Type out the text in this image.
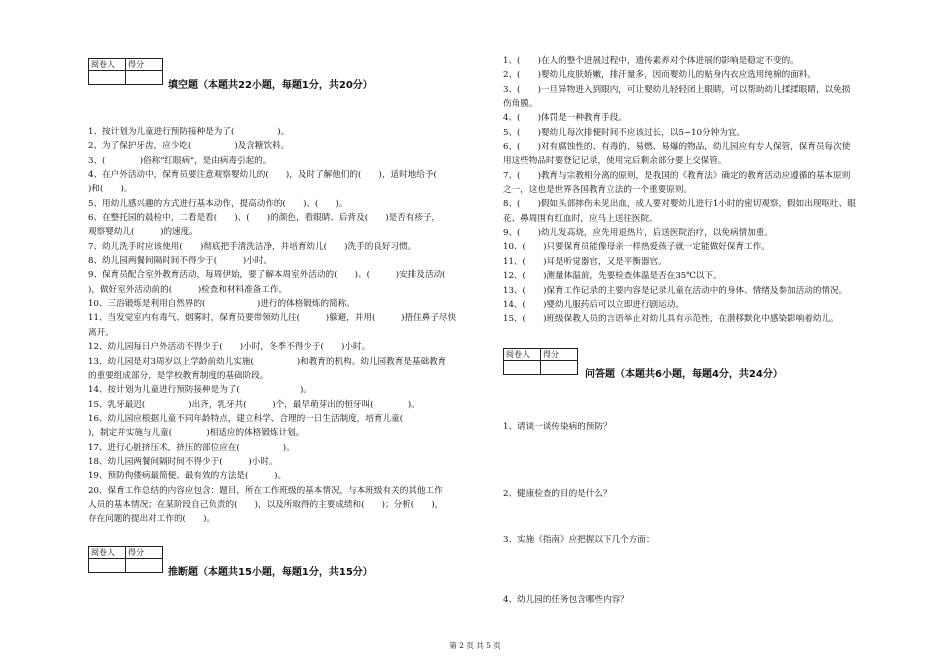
阅卷人	得分

填空题（本题共22小题，每题1分，共20分）
1、按计划为儿童进行预防接种是为了(　　　　　)。
2、为了保护牙齿，应少吃(　　　　　)及含糖饮料。
3、(　　　　)俗称"红眼病"，是由病毒引起的。
4、在户外活动中，保育员要注意观察婴幼儿的(　　)，及时了解他们的(　　)，适时地给予(
)和(　　)。
5、用幼儿感兴趣的方式进行基本动作，提高动作的(　　)、(　　)。
6、在整托园的晨检中，二看是看(　　)、(　　)的颜色，看眼睛、后背及(　　)是否有疹子，
观察婴幼儿(　　　)的速度。
7、幼儿洗手时应该使用(　　)彻底把手清洗洁净，并培育幼儿(　　)洗手的良好习惯。
8、幼儿园两餐间隔时间不得少于(　　　)小时。
9、保育员配合室外教育活动，每周伊始，要了解本周室外活动的(　　)、(　　　)安排及活动(
)，做好室外活动前的(　　　)检查和材料准备工作。
10、三浴锻炼是利用自然界的(　　　　　　)进行的体格锻炼的简称。
11、当发觉室内有毒气、烟雾时，保育员要带领幼儿往(　　　)躲避，并用(　　　)捂住鼻子尽快
离开。
12、幼儿园每日户外活动不得少于(　　)小时，冬季不得少于(　　)小时。
13、幼儿园是对3周岁以上学龄前幼儿实施(　　　　　)和教育的机构。幼儿园教育是基础教育
的重要组成部分，是学校教育制度的基础阶段。
14、按计划为儿童进行预防接种是为了(　　　　　　　)。
15、乳牙最迟(　　　　　)出齐，乳牙共(　　　)个，最早萌芽出的恒牙叫(　　　　)。
16、幼儿园应根据儿童不同年龄特点，建立科学、合理的一日生活制度，培育儿童(　　　　
)，制定并实施与儿童(　　　　)相适应的体格锻炼计划。
17、进行心脏挤压术，挤压的部位应在(　　　　　)。
18、幼儿园两餐间隔时间不得少于(　　　)小时。
19、预防佝偻病最简便、最有效的方法是(　　　)。
20、保育工作总结的内容应包含：题目，所在工作班级的基本情况，与本班级有关的其他工作
人员的基本情况；在某阶段自己负责的(　　)，以及所取得的主要成绩和(　　)；分析(　　)，
存在问题的提出对工作的(　　)。
阅卷人	得分

推断题（本题共15小题，每题1分，共15分）
1、(　　)在人的整个进展过程中，遗传素养对个体进展的影响是稳定不变的。
2、(　　)婴幼儿皮肤娇嫩，排汗量多，因而婴幼儿的贴身内衣应选用纯棉的面料。
3、(　　)一旦异物进入到眼内，可让婴幼儿轻轻闭上眼睛，可以帮助幼儿揉揉眼睛，以免损
伤角膜。
4、(　　)体罚是一种教育手段。
5、(　　)婴幼儿每次排便时间不应该过长，以5~10分钟为宜。
6、(　　)对有腐蚀性的、有毒的、易燃、易爆的物品，幼儿园应有专人保管，保育员每次使
用这些物品时要登记记录，使用完后剩余部分要上交保管。
7、(　　)教育与宗教相分离的原则，是我国的《教育法》确定的教育活动应遵循的基本原则
之一，这也是世界各国教育立法的一个重要原则。
8、(　　)假如头部摔伤未见出血，成人要对婴幼儿进行1小时的密切观察，假如出现呕吐、眼
花、鼻周围有红血时，应马上送往医院。
9、(　　)幼儿发高烧，应先用退热片，后送医院治疗，以免病情加重。
10、(　　)只要保育员能像母亲一样热爱孩子就一定能做好保育工作。
11、(　　)耳是听觉器官，又是平衡器官。
12、(　　)测量体温前，先要检查体温是否在35℃以下。
13、(　　)保育工作记录的主要内容是记录儿童在活动中的身体、情绪及参加活动的情况。
14、(　　)婴幼儿服药后可以立即进行剧运动。
15、(　　)班级保教人员的言语举止对幼儿具有示范性，在潜移默化中感染影响着幼儿。
阅卷人	得分

问答题（本题共6小题，每题4分，共24分）
1、请谈一谈传染病的预防？
2、健康检查的目的是什么？
3、实施《指南》应把握以下几个方面：
4、幼儿园的任务包含哪些内容？
第 2 页 共 5 页
